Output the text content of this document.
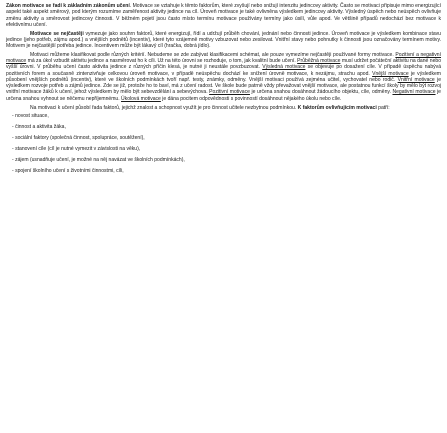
Zákon motivace se řadí k základním zákonům učení. Motivace se vztahuje k těmto faktorům, které zvyšují nebo snižují intenzitu jedincovy aktivity. Často se motivaci připisuje mimo energizující aspekt také aspekt směrový, pod kterým rozumíme zaměřenost aktivity jedince na cíl. Úroveň motivace je také ovlivněna výsledkem jedincovy aktivity. Výsledný úspěch nebo neúspěch ovlivňuje změnu aktivity a směrovost jedincovy činnosti. V běžném pojetí jsou často místo termínu motivace používány termíny jako úsilí, vůle apod. Ve většině případů nedochází bez motivace k efektivnímu učení.

Motivace se nejčastěji vymezuje jako souhrn faktorů, které energizují, řídí a udržují průběh chování, jednání nebo činnosti jedince. Úroveň motivace je výsledkem kombinace stavu jedince (jeho potřeb, zájmu apod.) a vnějších podnětů (incentiv), které tyto vzájemně motivy vzbuzovat nebo zesilovat. Vnitřní stavy nebo pohnutky k činnosti jsou označovány termínem motivy. Motivem je nejčastější potřeba jedince. Incentivem může být lákavý cíl (hračka, dobrá jídlo).

Motivaci můžeme klasifikovat podle různých kritérií. Nebudeme se zde zabývat klasifikacemi schémat, ale pouze vymezíme nejčastěji používané formy motivace. Pozitivní a negativní motivace má za úkol vzbudit aktivitu jedince a nasměrovat ho k cíli. Už na této úrovni se rozhoduje, o tom, jak kvalitní bude učení. Průběžná motivace musí udržet počáteční aktivitu na dané nebo vyšší úrovni. V průběhu učení často aktivita jedince z různých příčin klesá, je nutné ji neustále povzbuzovat. Výsledná motivace se objevuje po dosažení cíle. V případě úspěchu nabývá pozitivních forem a současně zintenzivňuje celkovou úroveň motivace, v případě neúspěchu dochází ke snížení úrovně motivace, k nezájmu, strachu apod. Vnější motivace je výsledkem působení vnějších podnětů (incentiv), které ve školních podmínkách tvoří např. testy, známky, odměny. Vnější motivaci používá zejména učitel, vychovatel nebo rodič. Vnitřní motivace je výsledkem rozvoje potřeb a zájmů jedince. Zde se již, protože ho to baví, má z učení radost. Ve škole bude patrně vždy převažovat vnější motivace, ale postatnou funkcí školy by mělo být rozvoj vnitřní motivace žáků k učení, jehož výsledkem by mělo být sebevzdělání a sebevýchova. Pozitivní motivace je určena snahou dosáhnout žádoucího objektu, cíle, odměny. Negativní motivace je určena snahou vyhnout se něčemu nepříjemnému. Úkolová motivace je dána pocitem odpovědnosti s povinností dosáhnout nějakého úkolu nebo cíle.

Na motivaci k učení působí řada faktorů, jejichž znalost a schopnost využít je pro činnost učitele nezbytnou podmínkou. K faktorům ovlivňujícím motivaci patří:

- novost situace,
- činnost a aktivita žáka,
- sociální faktory (společná činnost, spolupráce, soutěžení),
- stanovení cíle (cíl je nutné vymezit v závislosti na věku),
- zájem (usnadňuje učení, je možné na něj navázat ve školních podmínkách),
- spojení školního učení s životními činnostmi, cíli,
